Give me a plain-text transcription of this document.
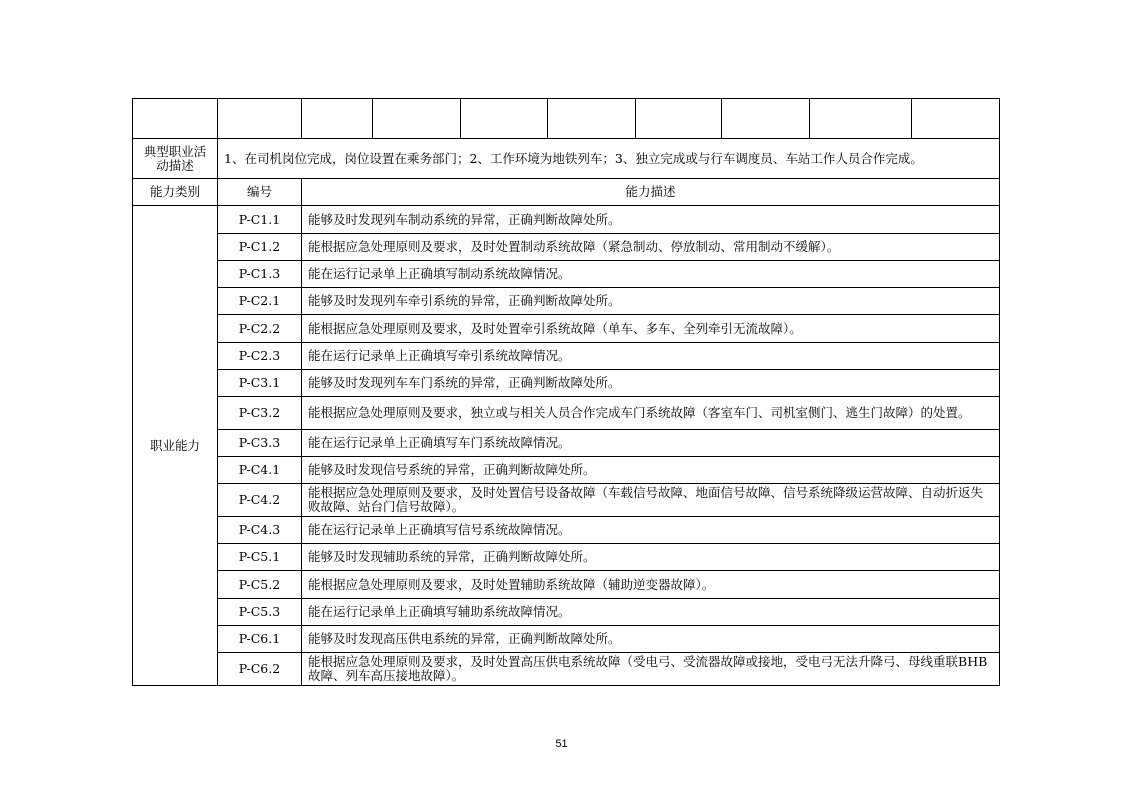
典型职业活动描述	1、在司机岗位完成，岗位设置在乘务部门；2、工作环境为地铁列车；3、独立完成或与行车调度员、车站工作人员合作完成。								
能力类别	编号	能力描述							
职业能力	P-C1.1	能够及时发现列车制动系统的异常，正确判断故障处所。							
	P-C1.2	能根据应急处理原则及要求，及时处置制动系统故障（紧急制动、停放制动、常用制动不缓解）。							
	P-C1.3	能在运行记录单上正确填写制动系统故障情况。							
	P-C2.1	能够及时发现列车牵引系统的异常，正确判断故障处所。							
	P-C2.2	能根据应急处理原则及要求，及时处置牵引系统故障（单车、多车、全列牵引无流故障）。							
	P-C2.3	能在运行记录单上正确填写牵引系统故障情况。							
	P-C3.1	能够及时发现列车车门系统的异常，正确判断故障处所。							
	P-C3.2	能根据应急处理原则及要求，独立或与相关人员合作完成车门系统故障（客室车门、司机室侧门、逃生门故障）的处置。							
	P-C3.3	能在运行记录单上正确填写车门系统故障情况。							
	P-C4.1	能够及时发现信号系统的异常，正确判断故障处所。							
	P-C4.2	能根据应急处理原则及要求，及时处置信号设备故障（车载信号故障、地面信号故障、信号系统降级运营故障、自动折返失败故障、站台门信号故障）。							
	P-C4.3	能在运行记录单上正确填写信号系统故障情况。							
	P-C5.1	能够及时发现辅助系统的异常，正确判断故障处所。							
	P-C5.2	能根据应急处理原则及要求，及时处置辅助系统故障（辅助逆变器故障）。							
	P-C5.3	能在运行记录单上正确填写辅助系统故障情况。							
	P-C6.1	能够及时发现高压供电系统的异常，正确判断故障处所。							
	P-C6.2	能根据应急处理原则及要求，及时处置高压供电系统故障（受电弓、受流器故障或接地，受电弓无法升降弓、母线重联BHB故障、列车高压接地故障）。							
51
